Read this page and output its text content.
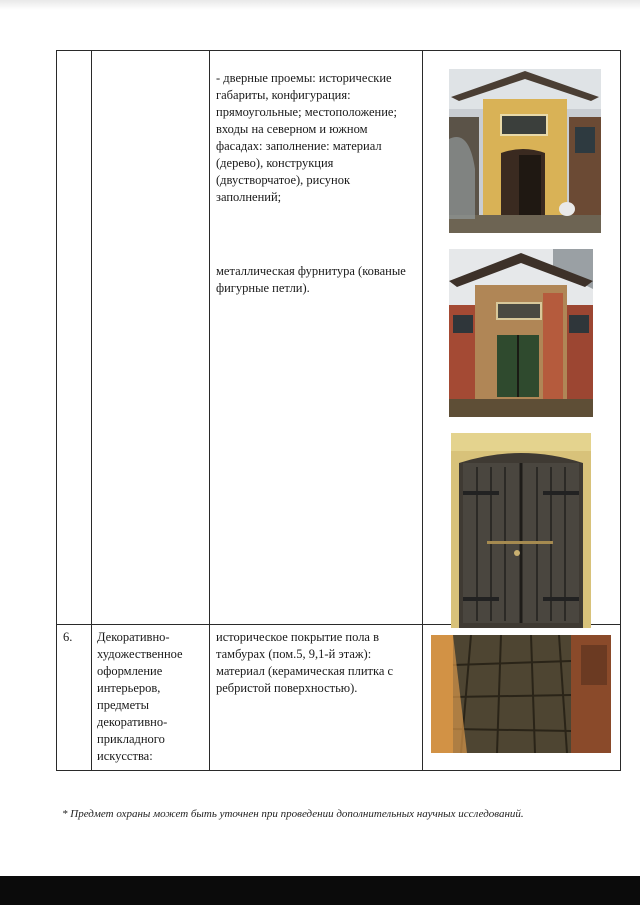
		- дверные проемы: исторические габариты, конфигурация: прямоугольные; местоположение; входы на северном и южном фасадах: заполнение: материал (дерево), конструкция (двустворчатое), рисунок заполнений;

металлическая фурнитура (кованые фигурные петли).

6.	Декоративно-художественное оформление интерьеров, предметы декоративно-прикладного искусства:	историческое покрытие пола в тамбурах (пом.5, 9,1-й этаж): материал (керамическая плитка с ребристой поверхностью).

* Предмет охраны может быть уточнен при проведении дополнительных научных исследований.
